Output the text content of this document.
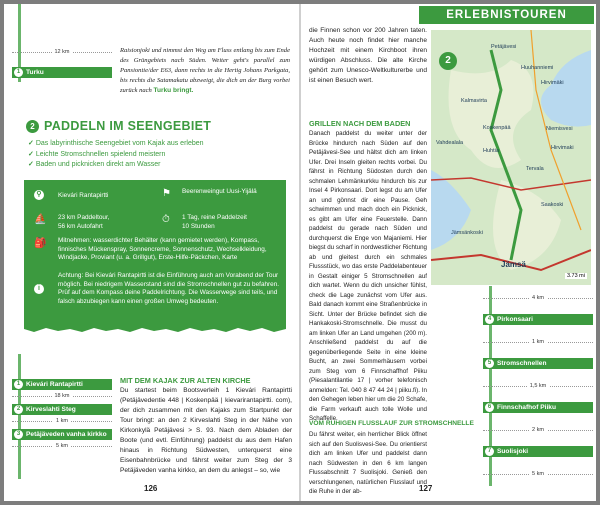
12 km
1 Turku
Raisionjoki und nimmst den Weg am Fluss entlang bis zum Ende des Grüngebiets nach Süden. Weiter geht's parallel zum Pansiontie/der E63, dann rechts in die Hertig Johans Parkgata, bis rechts die Satamakatu abzweigt, die dich an der Burg vorbei zurück nach Turku bringt.
2 PADDELN IM SEENGEBIET
✓ Das labyrinthische Seengebiet vom Kajak aus erleben
✓ Leichte Stromschnellen spielend meistern
✓ Baden und picknicken direkt am Wasser
⚲	Kievári Rantapirtti	⚑ Beerenweingut Uusi-Yijälä
⛵ 23 km Paddeltour,
56 km Autofahrt
⏱ 1 Tag, reine Paddelzeit
10 Stunden
🎒 Mitnehmen: wasserdichter Behälter (kann gemietet werden), Kompass, finnisches Mückenspray, Sonnencreme, Sonnenschutz, Wechselkleidung, Windjacke, Proviant (u. a. Grillgut), Erste-Hilfe-Päckchen, Karte
i
Achtung: Bei Kievári Rantapirtti ist die Einführung auch am Vorabend der Tour möglich. Bei niedrigem Wasserstand sind die Stromschnellen gut zu befahren. Prüf auf dem Kompass deine Paddelrichtung. Die Wasserwege sind teils, und falsch abzubiegen kann einen großen Umweg bedeuten.
1 Kievári Rantapirtti
18 km
2 Kirveslahti Steg
1 km
3 Petäjäveden vanha kirkko
5 km
MIT DEM KAJAK ZUR ALTEN KIRCHE
Du startest beim Bootsverleih 1 Kievári Rantapirtti (Petäjävedentie 448 | Koskenpää | kievarirantapirtti. com), der dich zusammen mit den Kajaks zum Startpunkt der Tour bringt: an den 2 Kirveslahti Steg in der Nähe von Kirkonkylä Petäjävesi > S. 93. Nach dem Abladen der Boote (und evtl. Einführung) paddelst du aus dem Hafen hinaus in Richtung Südwesten, unterquerst eine Eisenbahnbrücke und fährst weiter zum Steg der 3 Petäjäveden vanha kirkko, an dem du anlegst – so, wie
126
ERLEBNISTOUREN
die Finnen schon vor 200 Jahren taten. Auch heute noch findet hier manche Hochzeit mit einem Kirchboot ihren würdigen Abschluss. Die alte Kirche gehört zum Unesco-Weltkulturerbe und ist einen Besuch wert.
GRILLEN NACH DEM BADEN
Danach paddelst du weiter unter der Brücke hindurch nach Süden auf den Petäjävesi-See und hältst dich am linken Ufer. Drei Inseln gleiten rechts vorbei. Du fährst in Richtung Südosten durch den schmalen Lehmänkurkku hindurch bis zur Insel 4 Pirkonsaari. Dort legst du am Ufer an und gönnst dir eine Pause. Geh schwimmen und mach doch ein Picknick, es gibt am Ufer eine Feuerstelle. Dann paddelst du gerade nach Süden und durchquerst die Enge von Majaniemi. Hier biegst du scharf in nordwestlicher Richtung ab und gleitest durch ein schmales Flussstück, wo das erste Paddelabenteuer in Gestalt einiger 5 Stromschnellen auf dich wartet. Wenn du dich unsicher fühlst, check die Lage zunächst vom Ufer aus. Bald danach kommt eine Straßenbrücke in Sicht. Unter der Brücke befindet sich die Hankakoski-Stromschnelle. Die musst du am linken Ufer an Land umgehen (200 m). Anschließend paddelst du auf die gegenüberliegende Seite in eine kleine Bucht, an zwei Sommerhäusern vorbei zum Steg vom 6 Finnschaffhof Piiku (Piesalantilantie 17 | vorher telefonisch anmelden: Tel. 040 8 47 44 24 | piiku.fi). In den Gehegen leben hier um die 20 Schafe, die Farm verkauft auch tolle Wolle und Schaffelle.
VOM RUHIGEN FLUSSLAUF ZUR STROMSCHNELLE
Du fährst weiter, ein herrlicher Blick öffnet sich auf den Suolisvesi-See. Du orientierst dich am linken Ufer und paddelst dann nach Südwesten in den 6 km langen Flussabschnitt 7 Suolisjoki. Genieß den verschlungenen, natürlichen Flusslauf und die Ruhe in der ab-
2
Petäjävesi
Huuhanniemi
Hirvimäki
Kalmavirta
Koskenpää
Huhtia
Tervala
Saakoski
Jämsänkoski
Jämsä
Vahdealala
Niemisvesi
Hirvimaki
3.73 mi
4 km
4 Pirkonsaari
1 km
5 Stromschnellen
1,5 km
6 Finnschafhof Piiku
2 km
7 Suolisjoki
5 km
127
